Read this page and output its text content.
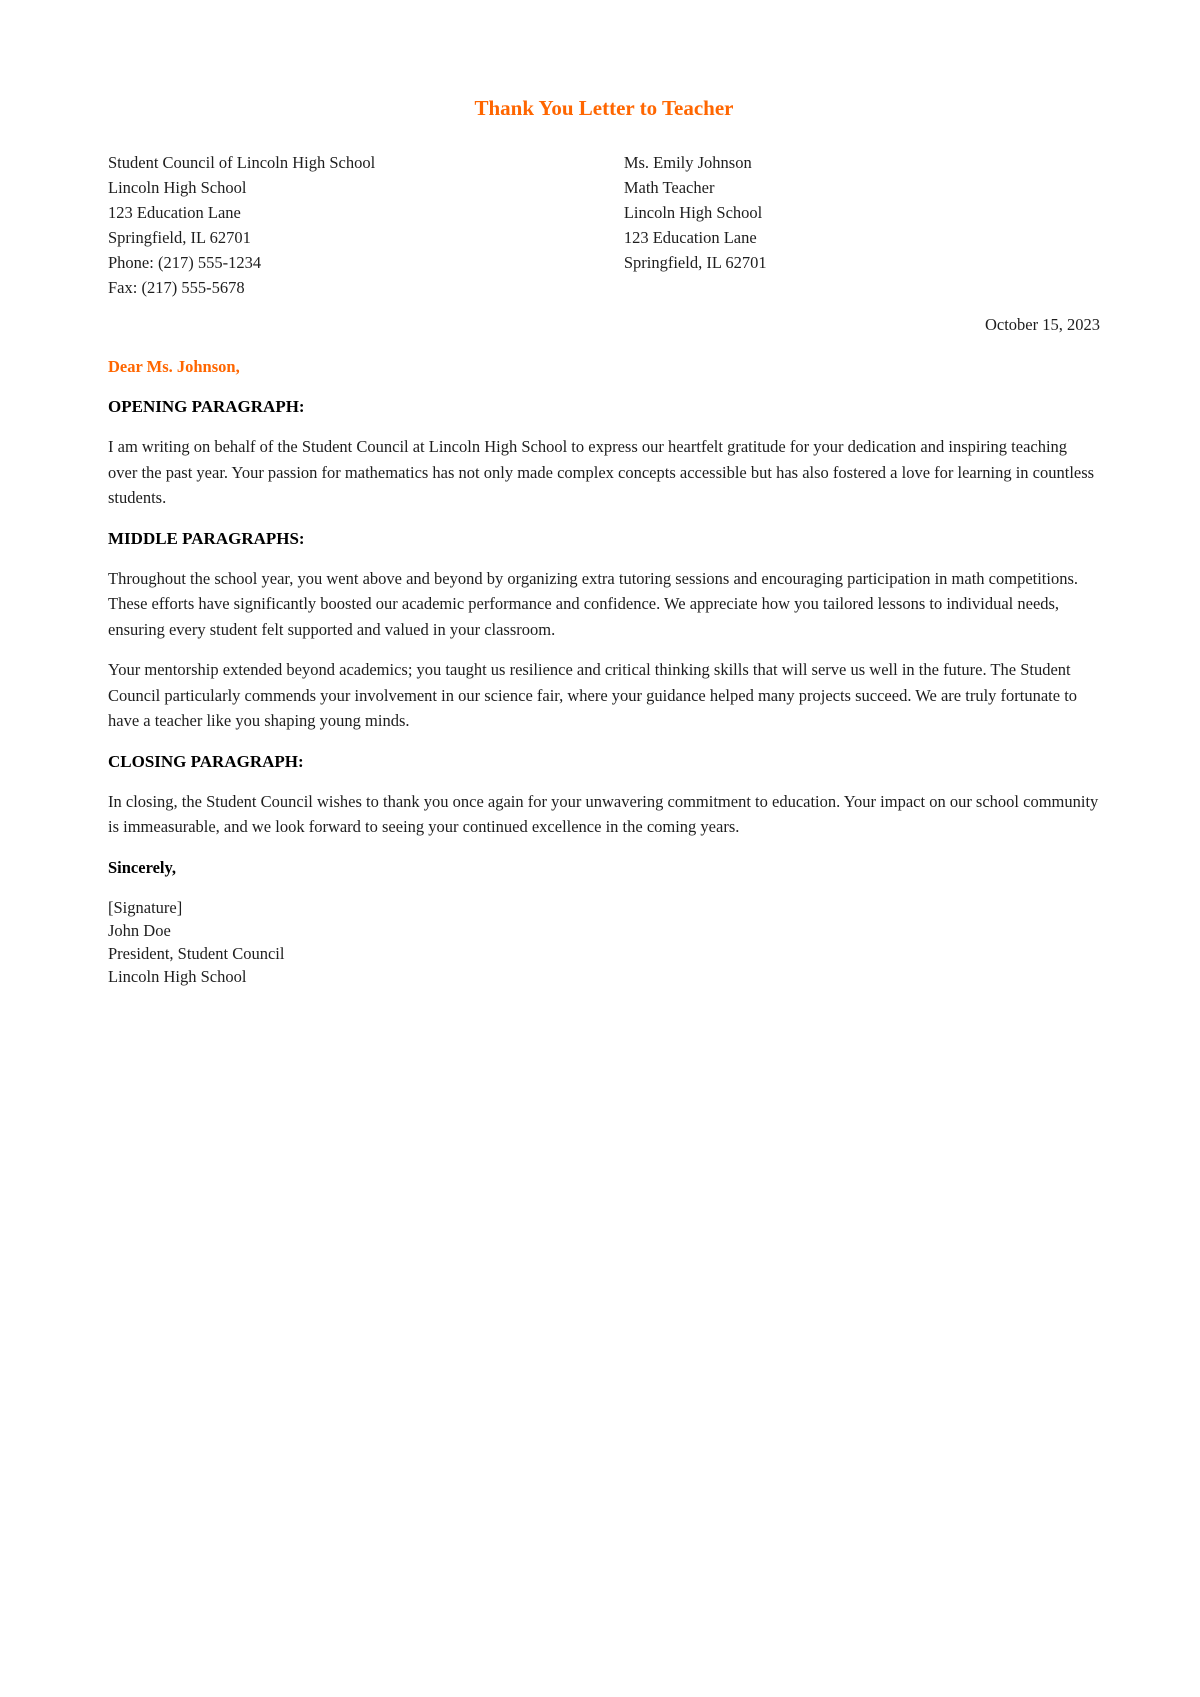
Thank You Letter to Teacher

Student Council of Lincoln High School

Lincoln High School

123 Education Lane

Springfield, IL 62701

Phone: (217) 555-1234

Fax: (217) 555-5678

Ms. Emily Johnson

Math Teacher

Lincoln High School

123 Education Lane

Springfield, IL 62701

October 15, 2023

Dear Ms. Johnson,

OPENING PARAGRAPH:

I am writing on behalf of the Student Council at Lincoln High School to express our heartfelt gratitude for your dedication and inspiring teaching over the past year. Your passion for mathematics has not only made complex concepts accessible but has also fostered a love for learning in countless students.

MIDDLE PARAGRAPHS:

Throughout the school year, you went above and beyond by organizing extra tutoring sessions and encouraging participation in math competitions. These efforts have significantly boosted our academic performance and confidence. We appreciate how you tailored lessons to individual needs, ensuring every student felt supported and valued in your classroom.

Your mentorship extended beyond academics; you taught us resilience and critical thinking skills that will serve us well in the future. The Student Council particularly commends your involvement in our science fair, where your guidance helped many projects succeed. We are truly fortunate to have a teacher like you shaping young minds.

CLOSING PARAGRAPH:

In closing, the Student Council wishes to thank you once again for your unwavering commitment to education. Your impact on our school community is immeasurable, and we look forward to seeing your continued excellence in the coming years.

Sincerely,

[Signature]

John Doe

President, Student Council

Lincoln High School
